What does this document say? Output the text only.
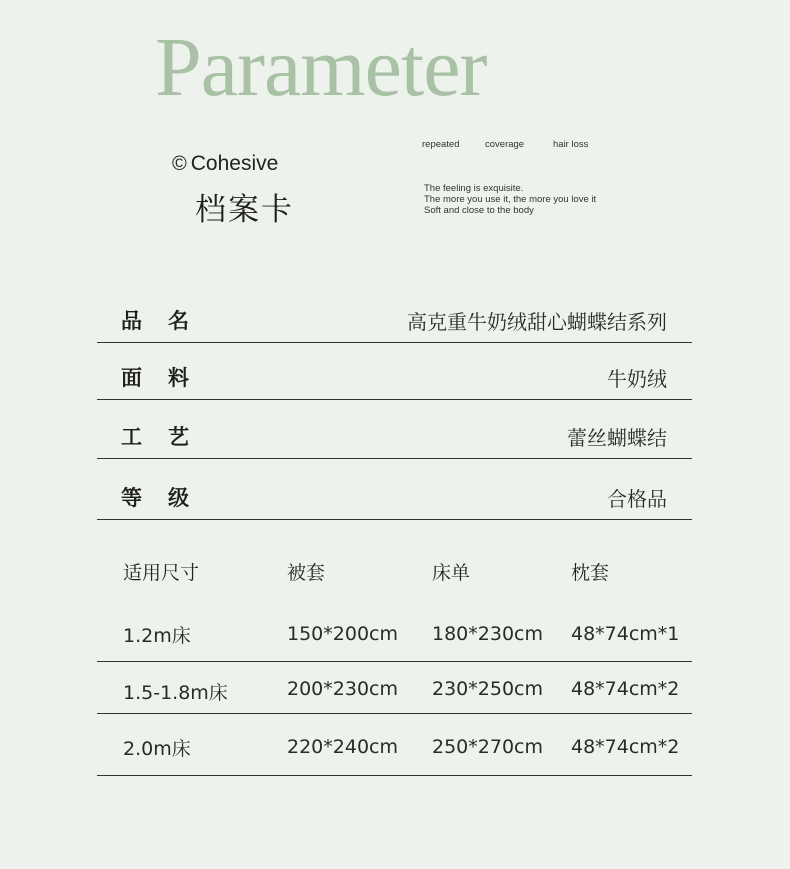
Parameter
© Cohesive
档案卡
repeated	coverage	hair loss
The feeling is exquisite.
The more you use it, the more you love it
Soft and close to the body
品名	高克重牛奶绒甜心蝴蝶结系列
面料	牛奶绒
工艺	蕾丝蝴蝶结
等级	合格品
适用尺寸	被套	床单	枕套
1.2m床	150*200cm 180*230cm 48*74cm*1
1.5-1.8m床	200*230cm 230*250cm 48*74cm*2
2.0m床	220*240cm 250*270cm 48*74cm*2
